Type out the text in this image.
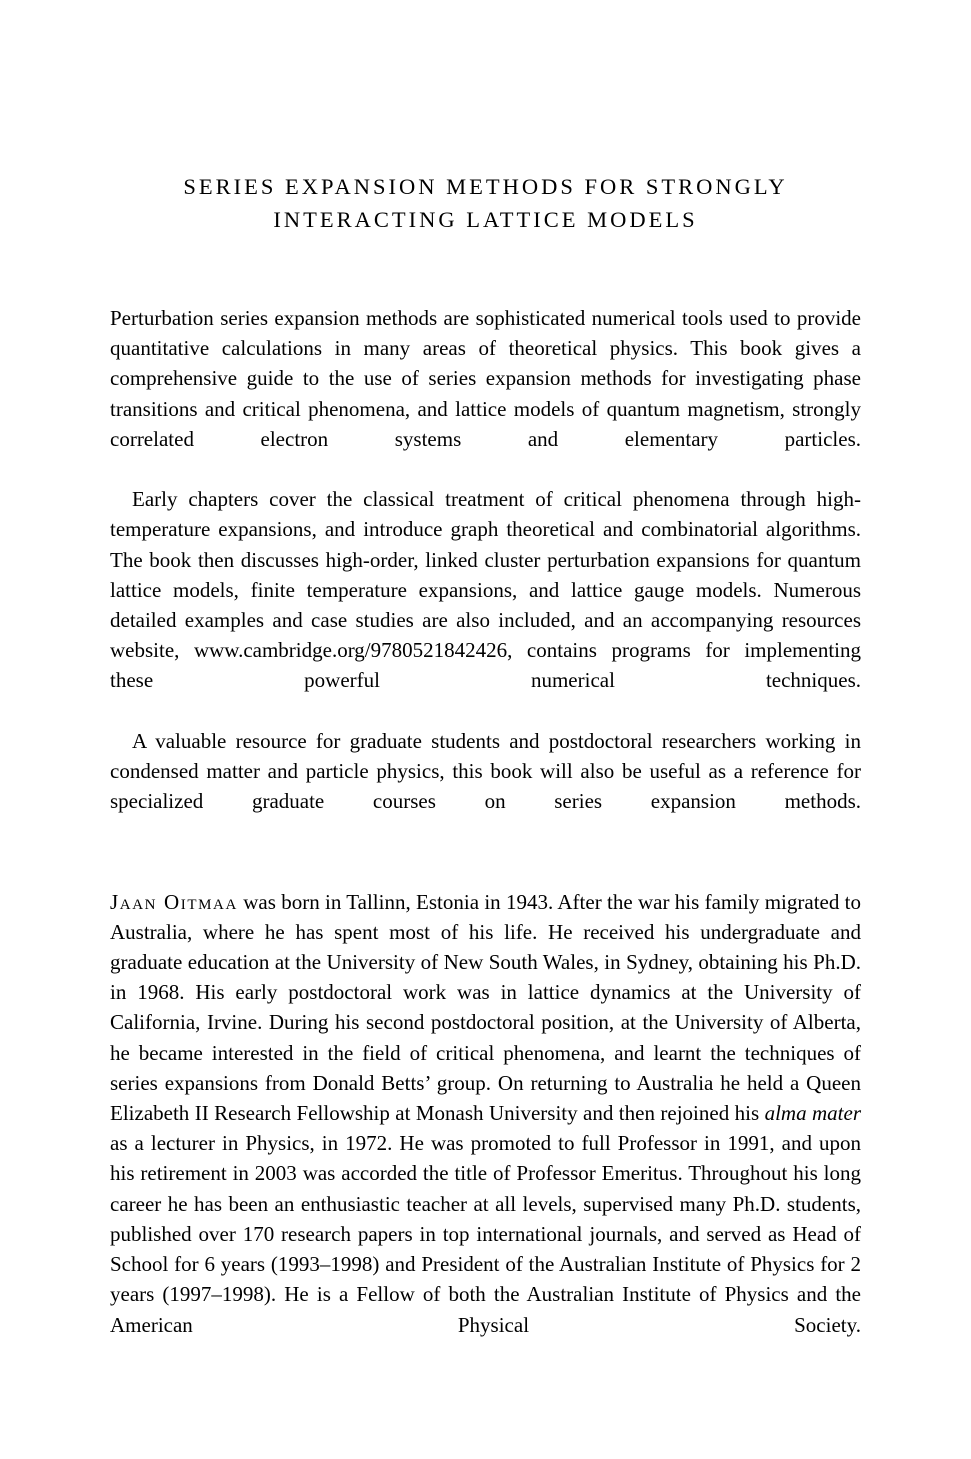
SERIES EXPANSION METHODS FOR STRONGLY
INTERACTING LATTICE MODELS

Perturbation series expansion methods are sophisticated numerical tools used to provide quantitative calculations in many areas of theoretical physics. This book gives a comprehensive guide to the use of series expansion methods for investigating phase transitions and critical phenomena, and lattice models of quantum magnetism, strongly correlated electron systems and elementary particles.

Early chapters cover the classical treatment of critical phenomena through high-temperature expansions, and introduce graph theoretical and combinatorial algorithms. The book then discusses high-order, linked cluster perturbation expansions for quantum lattice models, finite temperature expansions, and lattice gauge models. Numerous detailed examples and case studies are also included, and an accompanying resources website, www.cambridge.org/9780521842426, contains programs for implementing these powerful numerical techniques.

A valuable resource for graduate students and postdoctoral researchers working in condensed matter and particle physics, this book will also be useful as a reference for specialized graduate courses on series expansion methods.

Jaan Oitmaa was born in Tallinn, Estonia in 1943. After the war his family migrated to Australia, where he has spent most of his life. He received his undergraduate and graduate education at the University of New South Wales, in Sydney, obtaining his Ph.D. in 1968. His early postdoctoral work was in lattice dynamics at the University of California, Irvine. During his second postdoctoral position, at the University of Alberta, he became interested in the field of critical phenomena, and learnt the techniques of series expansions from Donald Betts’ group. On returning to Australia he held a Queen Elizabeth II Research Fellowship at Monash University and then rejoined his alma mater as a lecturer in Physics, in 1972. He was promoted to full Professor in 1991, and upon his retirement in 2003 was accorded the title of Professor Emeritus. Throughout his long career he has been an enthusiastic teacher at all levels, supervised many Ph.D. students, published over 170 research papers in top international journals, and served as Head of School for 6 years (1993–1998) and President of the Australian Institute of Physics for 2 years (1997–1998). He is a Fellow of both the Australian Institute of Physics and the American Physical Society.
